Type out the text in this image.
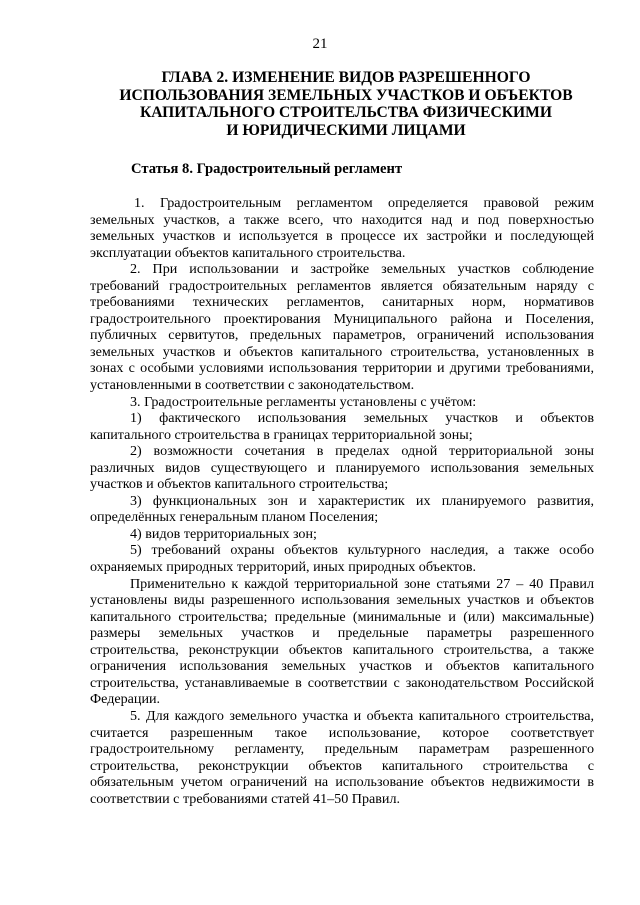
21
ГЛАВА 2. ИЗМЕНЕНИЕ ВИДОВ РАЗРЕШЕННОГО
ИСПОЛЬЗОВАНИЯ ЗЕМЕЛЬНЫХ УЧАСТКОВ И ОБЪЕКТОВ
КАПИТАЛЬНОГО СТРОИТЕЛЬСТВА ФИЗИЧЕСКИМИ
И ЮРИДИЧЕСКИМИ ЛИЦАМИ
Статья 8. Градостроительный регламент

1. Градостроительным регламентом определяется правовой режим земельных участков, а также всего, что находится над и под поверхностью земельных участков и используется в процессе их застройки и последующей эксплуатации объектов капитального строительства.

2. При использовании и застройке земельных участков соблюдение требований градостроительных регламентов является обязательным наряду с требованиями технических регламентов, санитарных норм, нормативов градостроительного проектирования Муниципального района и Поселения, публичных сервитутов, предельных параметров, ограничений использования земельных участков и объектов капитального строительства, установленных в зонах с особыми условиями использования территории и другими требованиями, установленными в соответствии с законодательством.

3. Градостроительные регламенты установлены с учётом:

1) фактического использования земельных участков и объектов капитального строительства в границах территориальной зоны;

2) возможности сочетания в пределах одной территориальной зоны различных видов существующего и планируемого использования земельных участков и объектов капитального строительства;

3) функциональных зон и характеристик их планируемого развития, определённых генеральным планом Поселения;

4) видов территориальных зон;

5) требований охраны объектов культурного наследия, а также особо охраняемых природных территорий, иных природных объектов.

Применительно к каждой территориальной зоне статьями 27 – 40 Правил установлены виды разрешенного использования земельных участков и объектов капитального строительства; предельные (минимальные и (или) максимальные) размеры земельных участков и предельные параметры разрешенного строительства, реконструкции объектов капитального строительства, а также ограничения использования земельных участков и объектов капитального строительства, устанавливаемые в соответствии с законодательством Российской Федерации.

5. Для каждого земельного участка и объекта капитального строительства, считается разрешенным такое использование, которое соответствует градостроительному регламенту, предельным параметрам разрешенного строительства, реконструкции объектов капитального строительства с обязательным учетом ограничений на использование объектов недвижимости в соответствии с требованиями статей 41–50 Правил.
